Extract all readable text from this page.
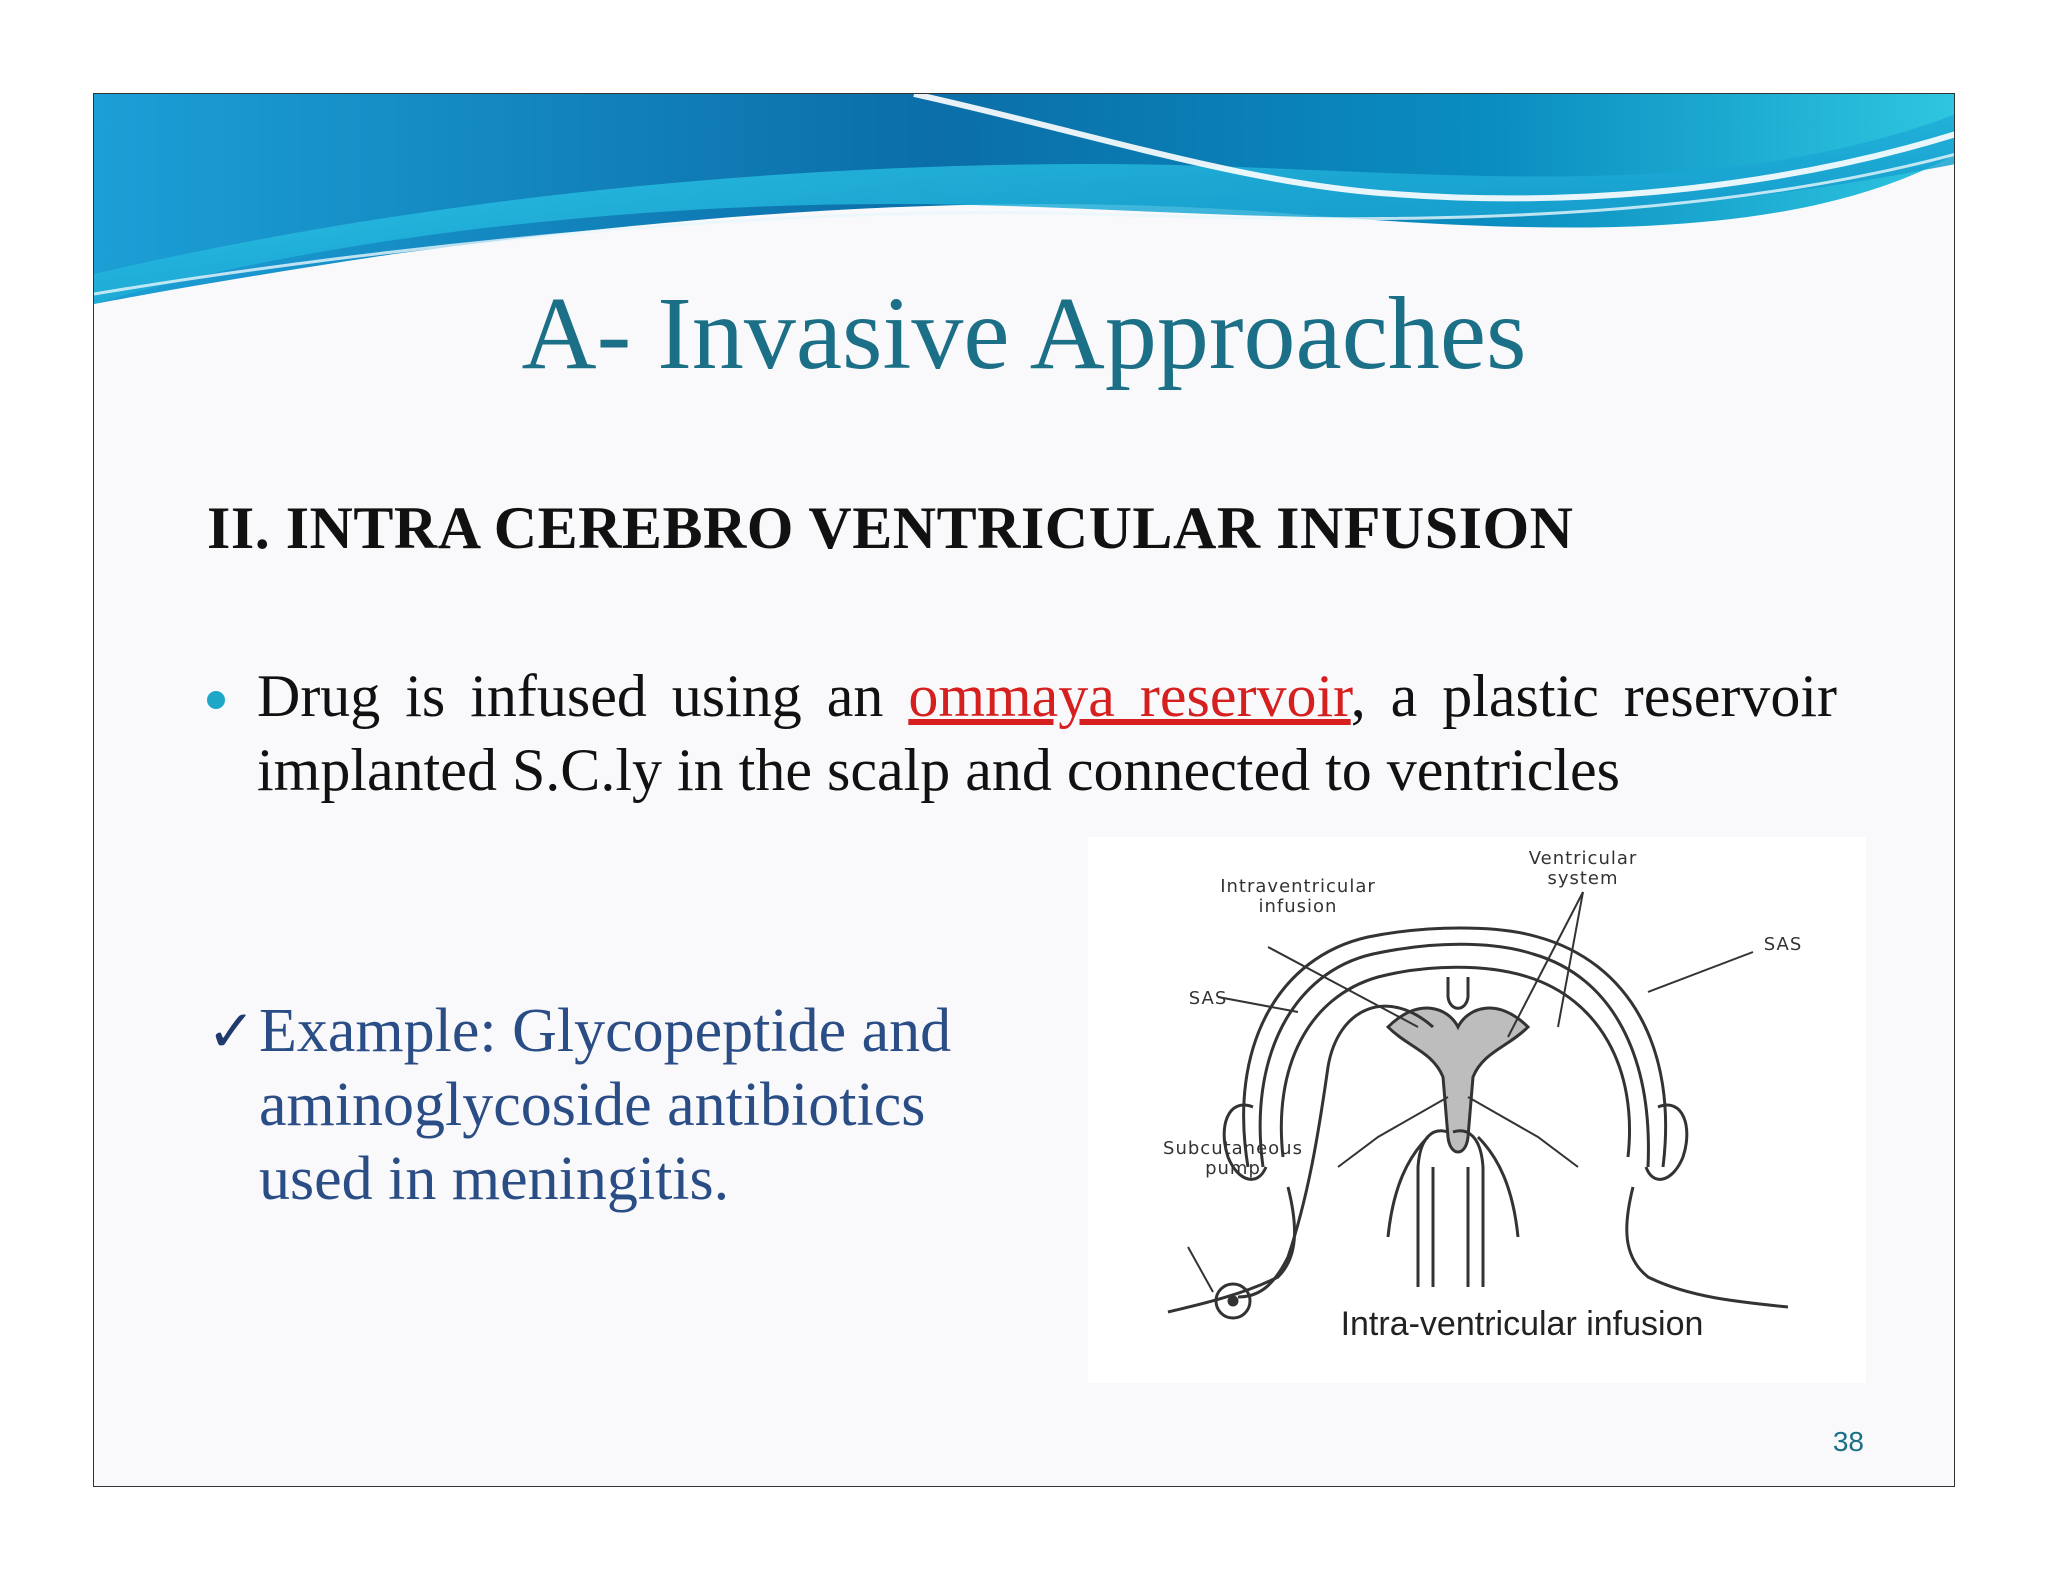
A- Invasive Approaches
II. INTRA CEREBRO VENTRICULAR INFUSION
Drug is infused using an ommaya reservoir, a plastic reservoir implanted S.C.ly in the scalp and connected to ventricles
✓ Example: Glycopeptide and aminoglycoside antibiotics used in meningitis.
Ventricular system
Intraventricular infusion
SAS
SAS
Subcutaneous pump
Intra-ventricular infusion
38
